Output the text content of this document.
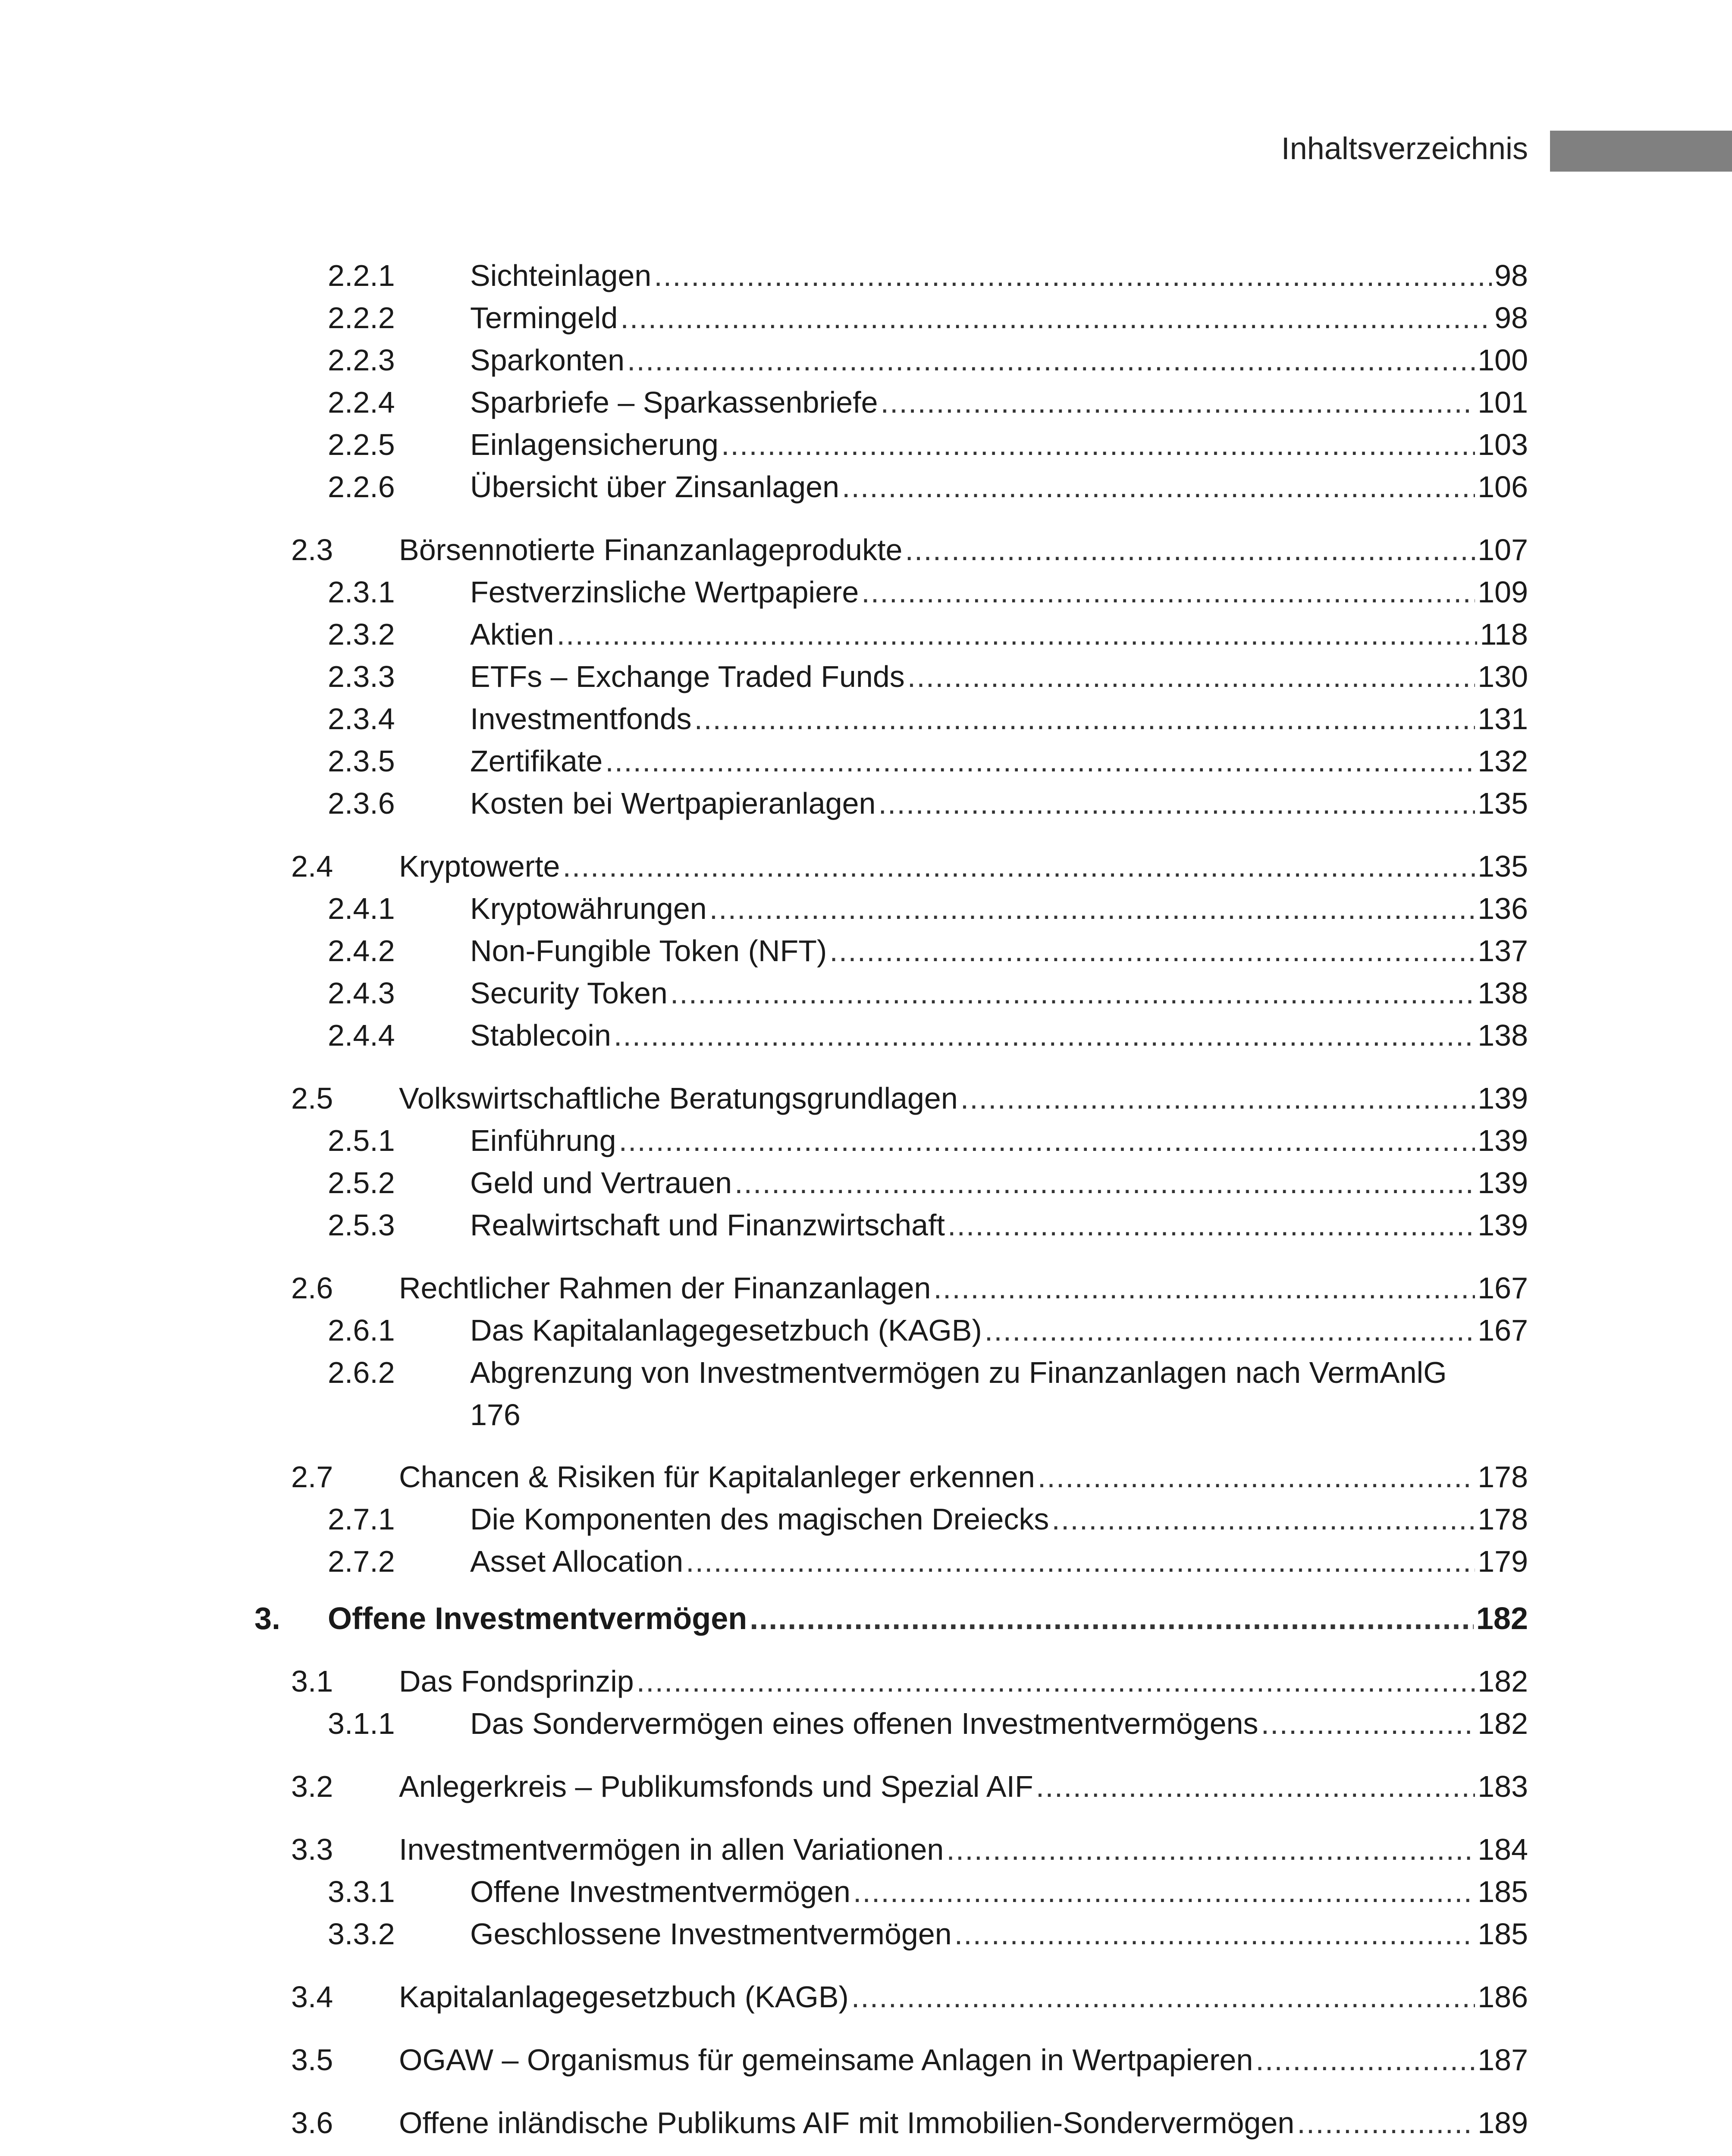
Inhaltsverzeichnis
2.2.1 Sichteinlagen .....	98
2.2.2 Termingeld .....	98
2.2.3 Sparkonten .....	100
2.2.4 Sparbriefe – Sparkassenbriefe .....	101
2.2.5 Einlagensicherung .....	103
2.2.6 Übersicht über Zinsanlagen .....	106
2.3 Börsennotierte Finanzanlageprodukte .....	107
2.3.1 Festverzinsliche Wertpapiere .....	109
2.3.2 Aktien .....	118
2.3.3 ETFs – Exchange Traded Funds .....	130
2.3.4 Investmentfonds .....	131
2.3.5 Zertifikate .....	132
2.3.6 Kosten bei Wertpapieranlagen .....	135
2.4 Kryptowerte .....	135
2.4.1 Kryptowährungen .....	136
2.4.2 Non-Fungible Token (NFT) .....	137
2.4.3 Security Token .....	138
2.4.4 Stablecoin .....	138
2.5 Volkswirtschaftliche Beratungsgrundlagen .....	139
2.5.1 Einführung .....	139
2.5.2 Geld und Vertrauen .....	139
2.5.3 Realwirtschaft und Finanzwirtschaft .....	139
2.6 Rechtlicher Rahmen der Finanzanlagen .....	167
2.6.1 Das Kapitalanlagegesetzbuch (KAGB) .....	167
2.6.2 Abgrenzung von Investmentvermögen zu Finanzanlagen nach VermAnlG
176
2.7 Chancen & Risiken für Kapitalanleger erkennen .....	178
2.7.1 Die Komponenten des magischen Dreiecks .....	178
2.7.2 Asset Allocation .....	179
3. Offene Investmentvermögen .....	182
3.1 Das Fondsprinzip .....	182
3.1.1 Das Sondervermögen eines offenen Investmentvermögens .....	182
3.2 Anlegerkreis – Publikumsfonds und Spezial AIF .....	183
3.3 Investmentvermögen in allen Variationen .....	184
3.3.1 Offene Investmentvermögen .....	185
3.3.2 Geschlossene Investmentvermögen .....	185
3.4 Kapitalanlagegesetzbuch (KAGB) .....	186
3.5 OGAW – Organismus für gemeinsame Anlagen in Wertpapieren .....	187
3.6 Offene inländische Publikums AIF mit Immobilien-Sondervermögen .....	189
